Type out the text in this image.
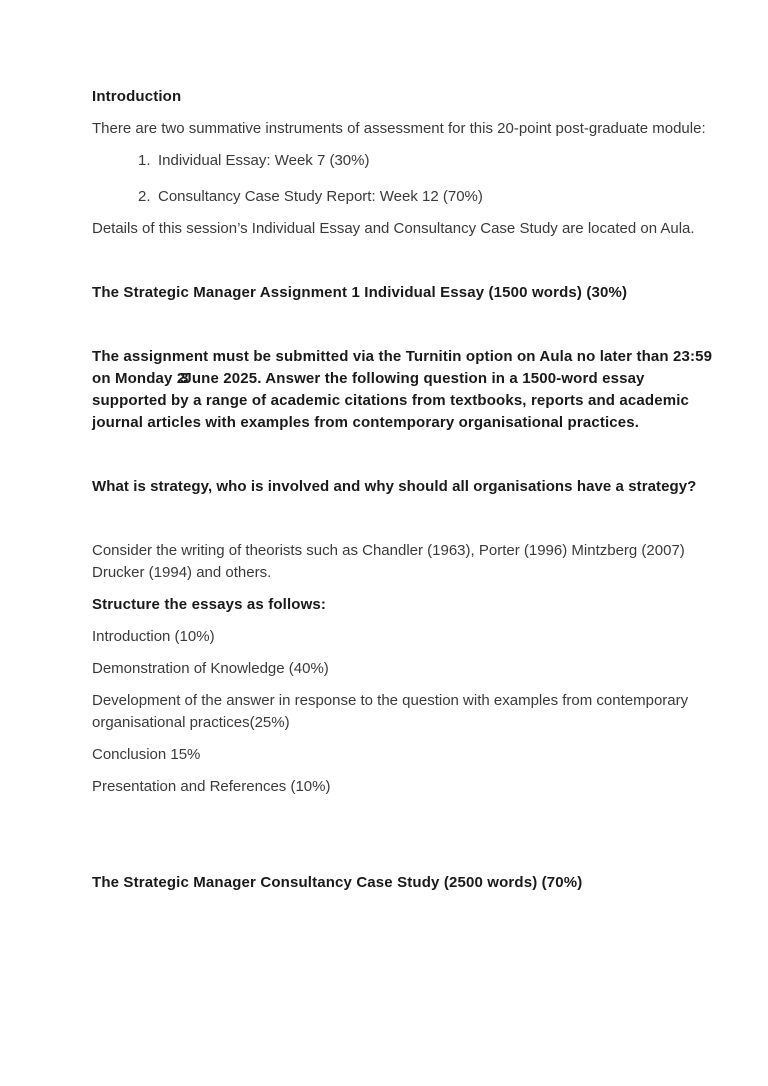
Introduction

There are two summative instruments of assessment for this 20-point post-graduate module:

Individual Essay: Week 7 (30%)
Consultancy Case Study Report: Week 12 (70%)

Details of this session’s Individual Essay and Consultancy Case Study are located on Aula.

The Strategic Manager Assignment 1 Individual Essay (1500 words) (30%)

The assignment must be submitted via the Turnitin option on Aula no later than 23:59 on Monday 23June 2025. Answer the following question in a 1500-word essay supported by a range of academic citations from textbooks, reports and academic journal articles with examples from contemporary organisational practices.

What is strategy, who is involved and why should all organisations have a strategy?

Consider the writing of theorists such as Chandler (1963), Porter (1996) Mintzberg (2007) Drucker (1994) and others.

Structure the essays as follows:

Introduction (10%)

Demonstration of Knowledge (40%)

Development of the answer in response to the question with examples from contemporary organisational practices(25%)

Conclusion 15%

Presentation and References (10%)

The Strategic Manager Consultancy Case Study (2500 words) (70%)
